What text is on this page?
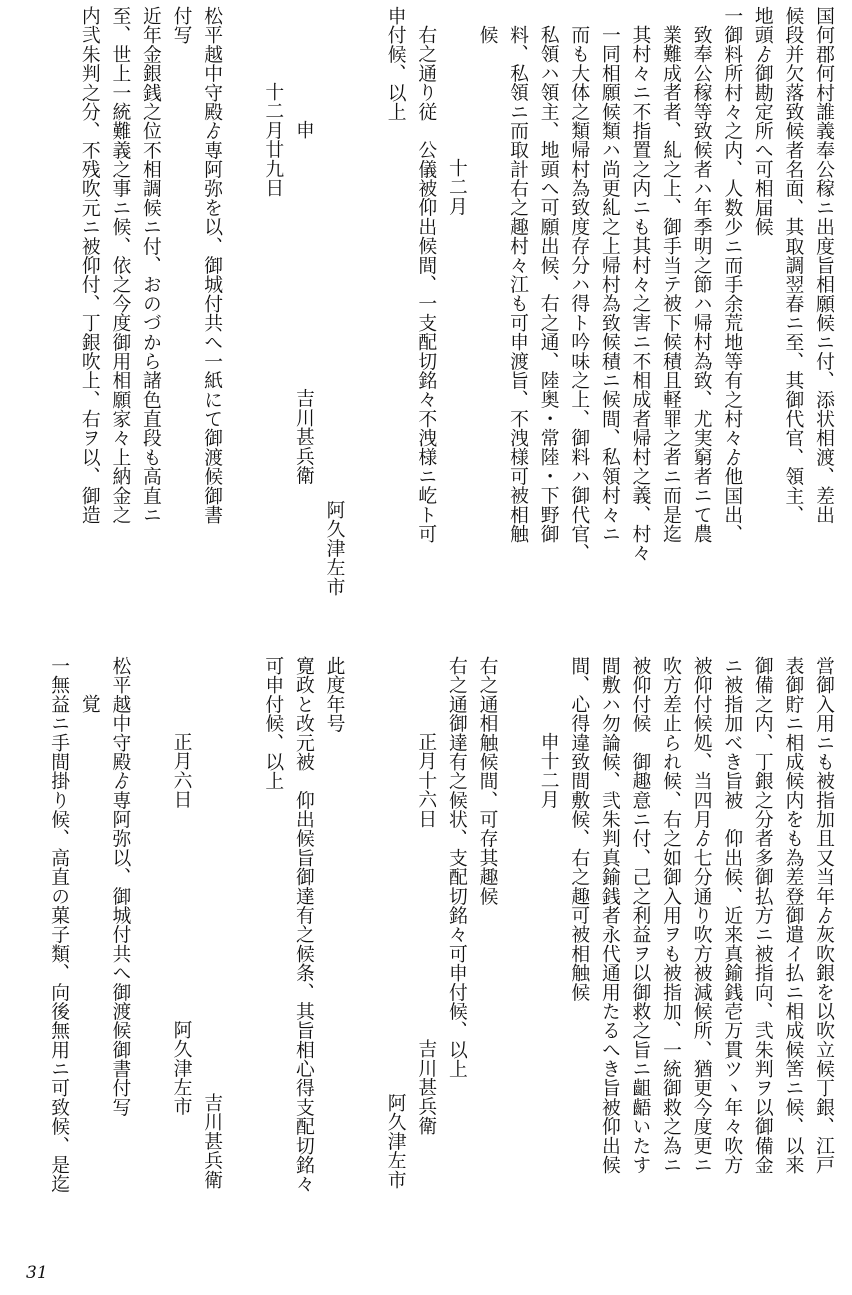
国何郡何村誰義奉公稼ニ出度旨相願候ニ付、添状相渡、差出
候段并欠落致候者名面、其取調翌春ニ至、其御代官、領主、
地頭ゟ御勘定所へ可相届候
一御料所村々之内、人数少ニ而手余荒地等有之村々ゟ他国出、
致奉公稼等致候者ハ年季明之節ハ帰村為致、尤実窮者ニて農
業難成者者、糺之上、御手当テ被下候積且軽罪之者ニ而是迄
其村々ニ不指置之内ニも其村々之害ニ不相成者帰村之義、村々
一同相願候類ハ尚更糺之上帰村為致候積ニ候間、私領村々ニ
而も大体之類帰村為致度存分ハ得ト吟味之上、御料ハ御代官、
私領ハ領主、地頭へ可願出候、右之通、陸奥・常陸・下野御
料、私領ニ而取計右之趣村々江も可申渡旨、不洩様可被相触
候
十二月
右之通り従　公儀被仰出候間、一支配切銘々不洩様ニ屹ト可
申付候、以上
阿久津左市
申　　　　　　　　　　　　　吉川甚兵衛
十二月廿九日
松平越中守殿ゟ専阿弥を以、御城付共へ一紙にて御渡候御書
付写
近年金銀銭之位不相調候ニ付、おのづから諸色直段も高直ニ
至、世上一統難義之事ニ候、依之今度御用相願家々上納金之
内弐朱判之分、不残吹元ニ被仰付、丁銀吹上、右ヲ以、御造
営御入用ニも被指加且又当年ゟ灰吹銀を以吹立候丁銀、江戸
表御貯ニ相成候内をも為差登御遣イ払ニ相成候筈ニ候、以来
御備之内、丁銀之分者多御払方ニ被指向、弐朱判ヲ以御備金
ニ被指加べき旨被　仰出候、近来真鍮銭壱万貫ツヽ年々吹方
被仰付候処、当四月ゟ七分通り吹方被減候所、猶更今度更ニ
吹方差止られ候、右之如御入用ヲも被指加、一統御救之為ニ
被仰付候　御趣意ニ付、己之利益ヲ以御救之旨ニ齟齬いたす
間敷ハ勿論候、弐朱判真鍮銭者永代通用たるへき旨被仰出候
間、心得違致間敷候、右之趣可被相触候
申十二月
右之通相触候間、可存其趣候
右之通御達有之候状、支配切銘々可申付候、以上
正月十六日　　　　　　　　　　　吉川甚兵衛
阿久津左市
此度年号
寛政と改元被　仰出候旨御達有之候条、其旨相心得支配切銘々
可申付候、以上
吉川甚兵衛
正月六日　　　　　　　　　　　阿久津左市
松平越中守殿ゟ専阿弥以、御城付共へ御渡候御書付写
覚
一無益ニ手間掛り候、高直の菓子類、向後無用ニ可致候、是迄
31
